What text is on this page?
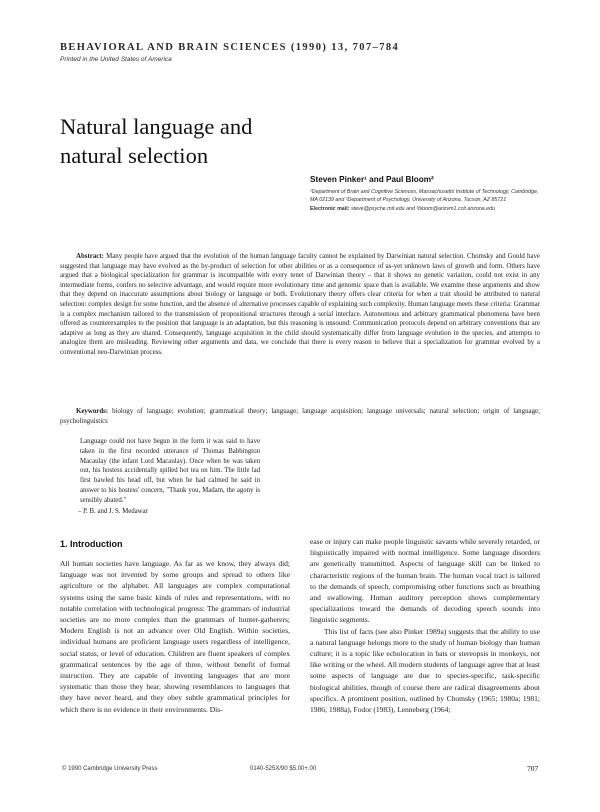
BEHAVIORAL AND BRAIN SCIENCES (1990) 13, 707–784
Printed in the United States of America
Natural language and natural selection
Steven Pinker¹ and Paul Bloom²
¹Department of Brain and Cognitive Sciences, Massachusetts Institute of Technology, Cambridge, MA 02139 and ²Department of Psychology, University of Arizona, Tucson, AZ 85721
Electronic mail: steve@psyche.mit.edu and ²bloom@arizvm1.ccit.arizona.edu
Abstract: Many people have argued that the evolution of the human language faculty cannot be explained by Darwinian natural selection. Chomsky and Gould have suggested that language may have evolved as the by-product of selection for other abilities or as a consequence of as-yet unknown laws of growth and form. Others have argued that a biological specialization for grammar is incompatible with every tenet of Darwinian theory – that it shows no genetic variation, could not exist in any intermediate forms, confers no selective advantage, and would require more evolutionary time and genomic space than is available. We examine these arguments and show that they depend on inaccurate assumptions about biology or language or both. Evolutionary theory offers clear criteria for when a trait should be attributed to natural selection: complex design for some function, and the absence of alternative processes capable of explaining such complexity. Human language meets these criteria: Grammar is a complex mechanism tailored to the transmission of propositional structures through a serial interface. Autonomous and arbitrary grammatical phenomena have been offered as counterexamples to the position that language is an adaptation, but this reasoning is unsound: Communication protocols depend on arbitrary conventions that are adaptive as long as they are shared. Consequently, language acquisition in the child should systematically differ from language evolution in the species, and attempts to analogize them are misleading. Reviewing other arguments and data, we conclude that there is every reason to believe that a specialization for grammar evolved by a conventional neo-Darwinian process.
Keywords: biology of language; evolution; grammatical theory; language; language acquisition; language universals; natural selection; origin of language; psycholinguistics
Language could not have begun in the form it was said to have taken in the first recorded utterance of Thomas Babbington Macaulay (the infant Lord Macaulay). Once when he was taken out, his hostess accidentally spilled hot tea on him. The little lad first bawled his head off, but when he had calmed he said in answer to his hostess' concern, "Thank you, Madam, the agony is sensibly abated."
– P. B. and J. S. Medawar
1. Introduction

All human societies have language. As far as we know, they always did; language was not invented by some groups and spread to others like agriculture or the alphabet. All languages are complex computational systems using the same basic kinds of rules and representations, with no notable correlation with technological progress: The grammars of industrial societies are no more complex than the grammars of hunter-gatherers; Modern English is not an advance over Old English. Within societies, individual humans are proficient language users regardless of intelligence, social status, or level of education. Children are fluent speakers of complex grammatical sentences by the age of three, without benefit of formal instruction. They are capable of inventing languages that are more systematic than those they hear, showing resemblances to languages that they have never heard, and they obey subtle grammatical principles for which there is no evidence in their environments. Dis-

ease or injury can make people linguistic savants while severely retarded, or linguistically impaired with normal intelligence. Some language disorders are genetically transmitted. Aspects of language skill can be linked to characteristic regions of the human brain. The human vocal tract is tailored to the demands of speech, compromising other functions such as breathing and swallowing. Human auditory perception shows complementary specializations toward the demands of decoding speech sounds into linguistic segments.

This list of facts (see also Pinker 1989a) suggests that the ability to use a natural language belongs more to the study of human biology than human culture; it is a topic like echolocation in bats or stereopsis in monkeys, not like writing or the wheel. All modern students of language agree that at least some aspects of language are due to species-specific, task-specific biological abilities, though of course there are radical disagreements about specifics. A prominent position, outlined by Chomsky (1965; 1980a; 1981; 1986; 1988a), Fodor (1983), Lenneberg (1964;

© 1990 Cambridge University Press	0140-525X/90 $5.00+.00	707
